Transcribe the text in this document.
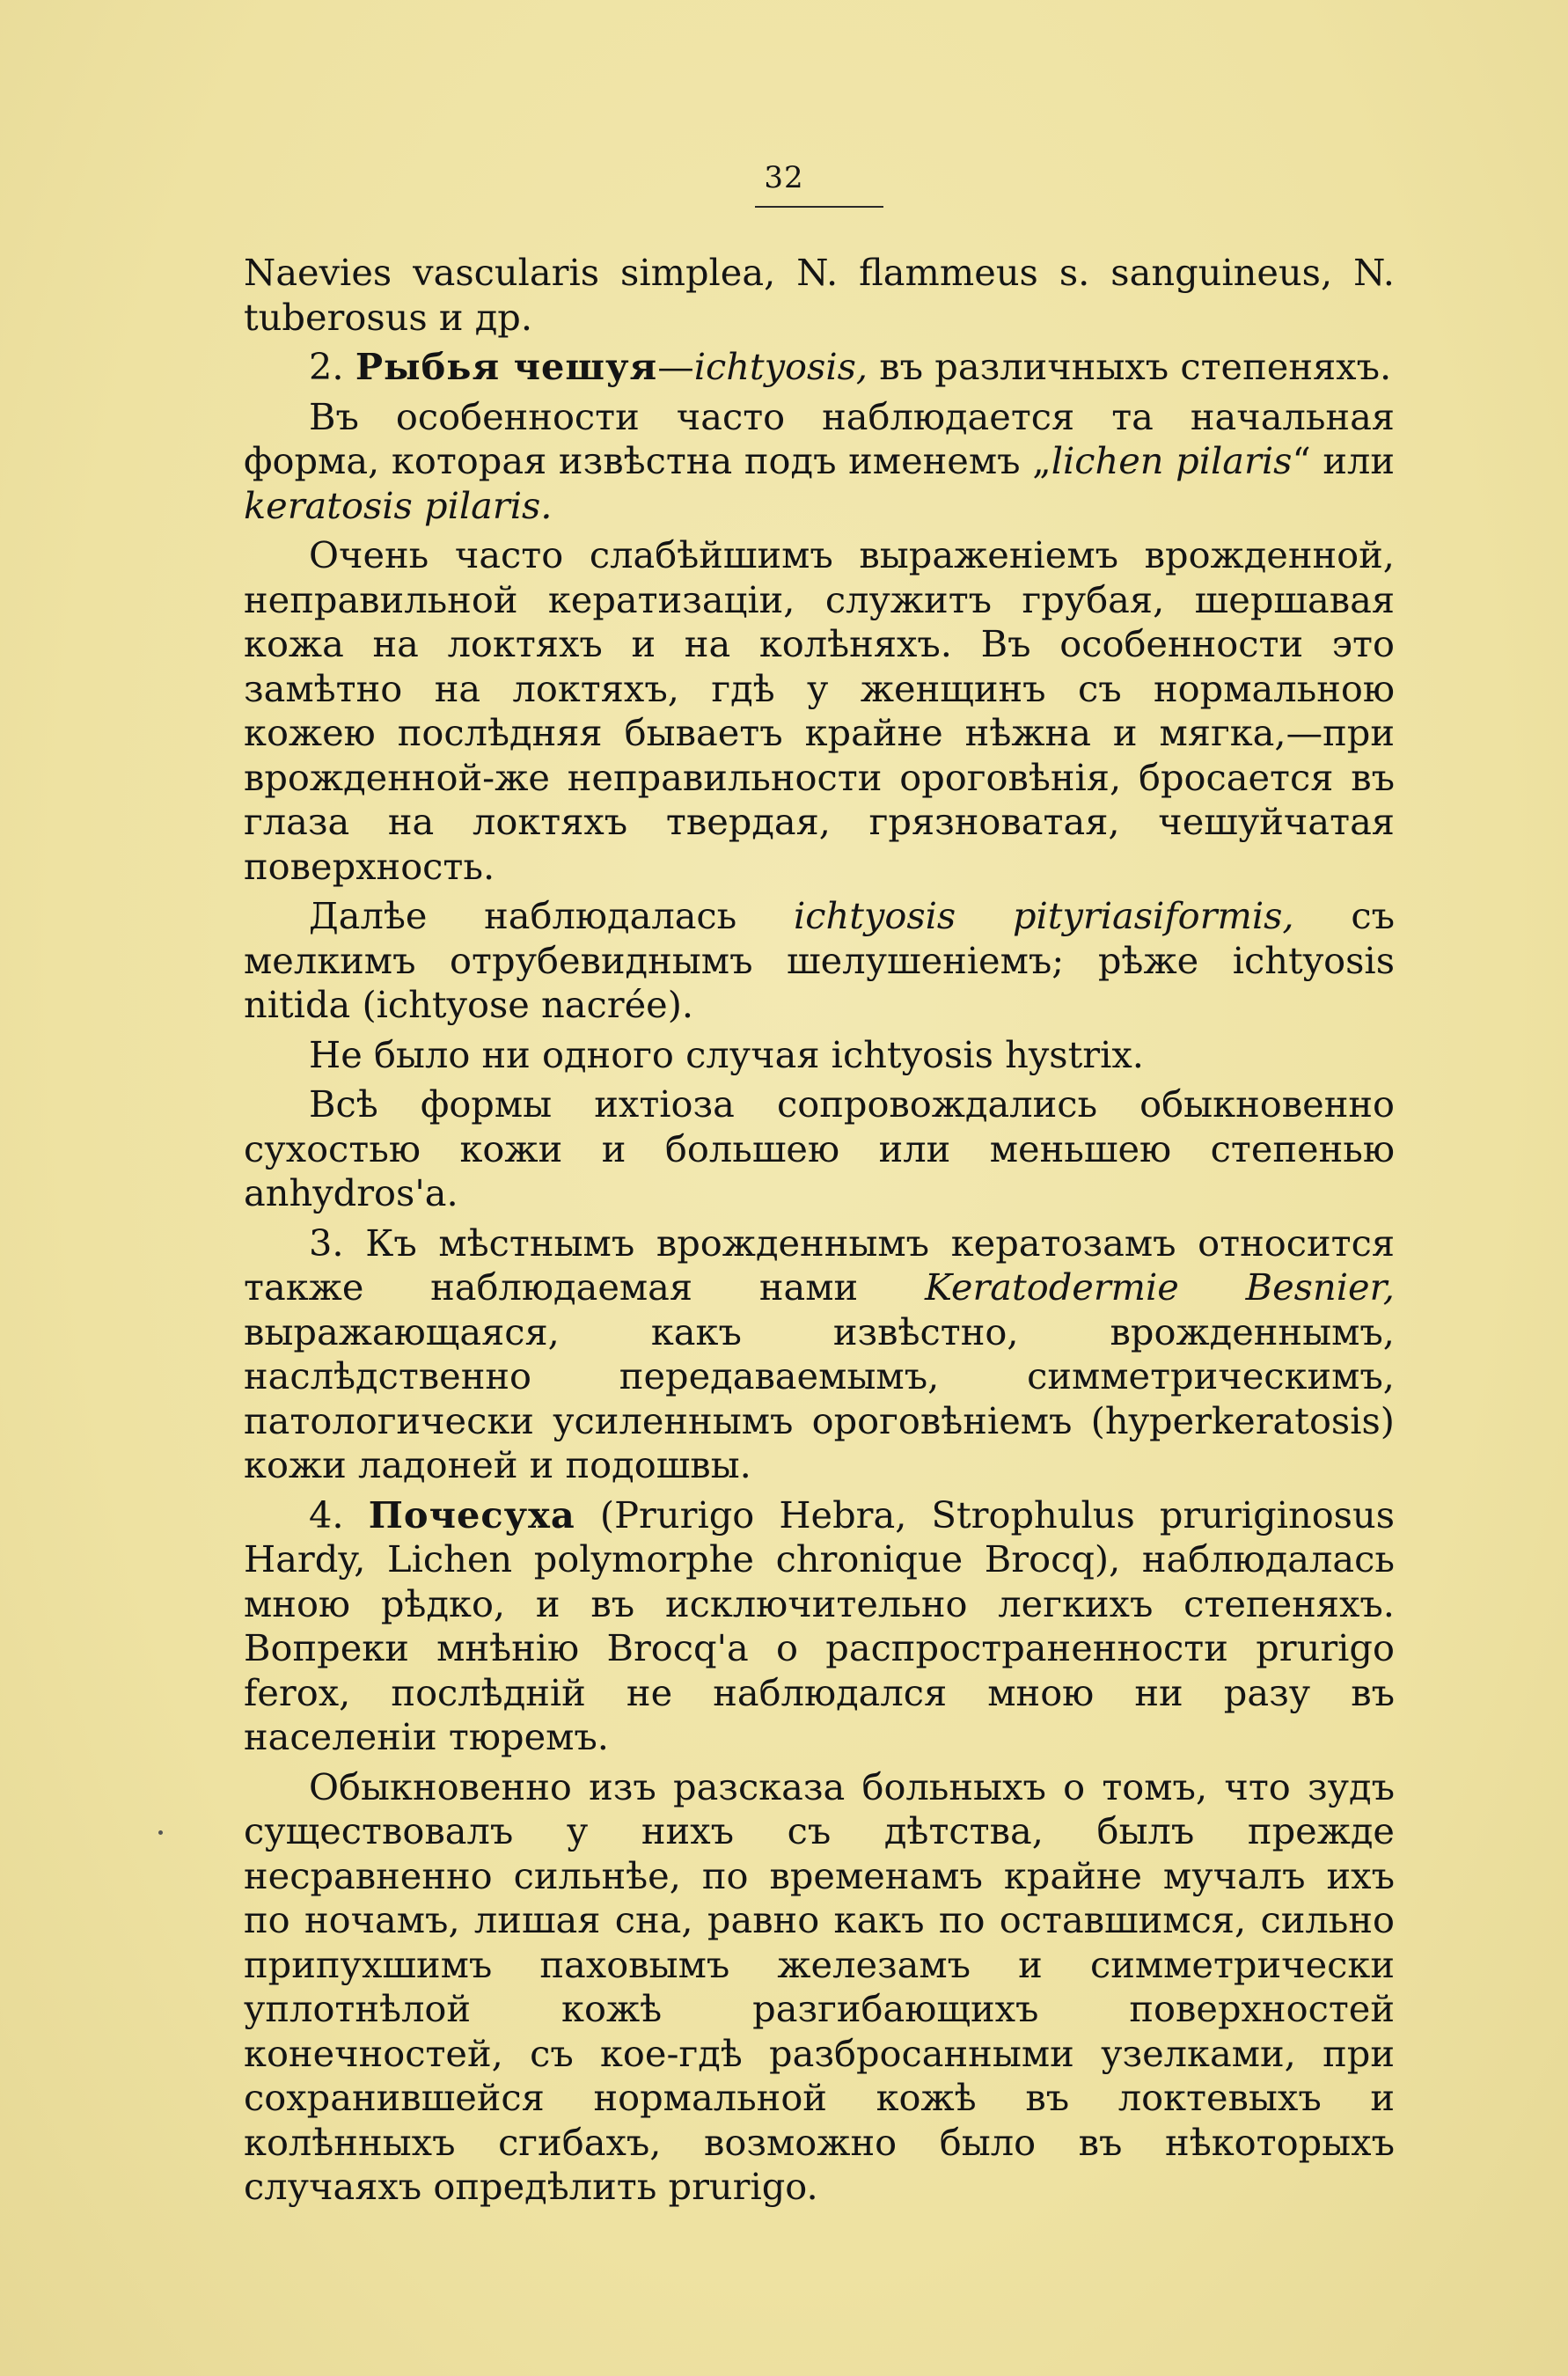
32

Naevies vascularis simplea, N. flammeus s. sanguineus, N. tuberosus и др.

2. Рыбья чешуя—ichtyosis, въ различныхъ степеняхъ.

Въ особенности часто наблюдается та начальная форма, которая извѣстна подъ именемъ „lichen pilaris“ или keratosis pilaris.

Очень часто слабѣйшимъ выраженіемъ врожденной, неправильной кератизаціи, служитъ грубая, шершавая кожа на локтяхъ и на колѣняхъ. Въ особенности это замѣтно на локтяхъ, гдѣ у женщинъ съ нормальною кожею послѣдняя бываетъ крайне нѣжна и мягка,—при врожденной-же неправильности ороговѣнія, бросается въ глаза на локтяхъ твердая, грязноватая, чешуйчатая поверхность.

Далѣе наблюдалась ichtyosis pityriasiformis, съ мелкимъ отрубевиднымъ шелушеніемъ; рѣже ichtyosis nitida (ichtyose nacrée).

Не было ни одного случая ichtyosis hystrix.

Всѣ формы ихтіоза сопровождались обыкновенно сухостью кожи и большею или меньшею степенью anhydros'a.

3. Къ мѣстнымъ врожденнымъ кератозамъ относится также наблюдаемая нами Keratodermie Besnier, выражающаяся, какъ извѣстно, врожденнымъ, наслѣдственно передаваемымъ, симметрическимъ, патологически усиленнымъ ороговѣніемъ (hyperkeratosis) кожи ладоней и подошвы.

4. Почесуха (Prurigo Hebra, Strophulus pruriginosus Hardy, Lichen polymorphe chronique Brocq), наблюдалась мною рѣдко, и въ исключительно легкихъ степеняхъ. Вопреки мнѣнію Brocq'a о распространенности prurigo ferox, послѣдній не наблюдался мною ни разу въ населеніи тюремъ.

Обыкновенно изъ разсказа больныхъ о томъ, что зудъ существовалъ у нихъ съ дѣтства, былъ прежде несравненно сильнѣе, по временамъ крайне мучалъ ихъ по ночамъ, лишая сна, равно какъ по оставшимся, сильно припухшимъ паховымъ железамъ и симметрически уплотнѣлой кожѣ разгибающихъ поверхностей конечностей, съ кое-гдѣ разбросанными узелками, при сохранившейся нормальной кожѣ въ локтевыхъ и колѣнныхъ сгибахъ, возможно было въ нѣкоторыхъ случаяхъ опредѣлить prurigo.
